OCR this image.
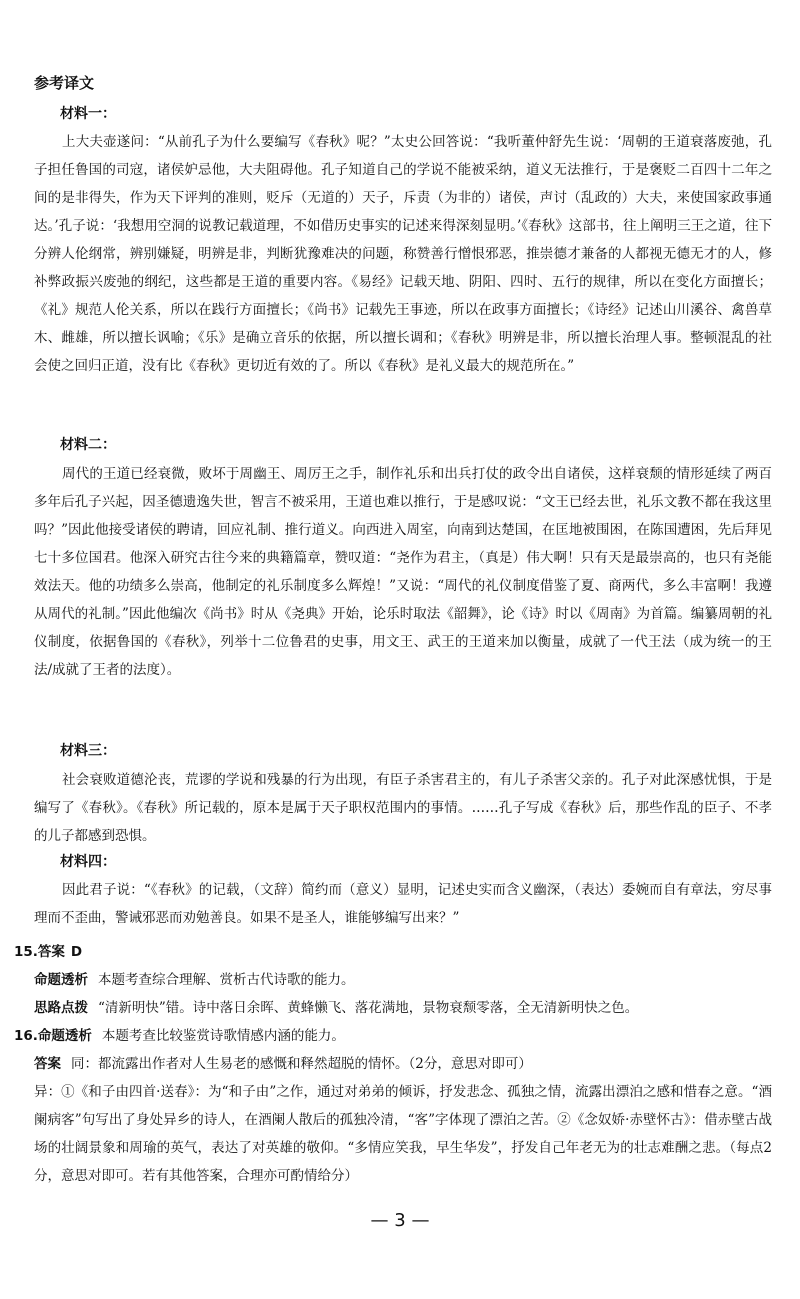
参考译文
材料一：
上大夫壶遂问：“从前孔子为什么要编写《春秋》呢？”太史公回答说：“我听董仲舒先生说：‘周朝的王道衰落废弛，孔子担任鲁国的司寇，诸侯妒忌他，大夫阻碍他。孔子知道自己的学说不能被采纳，道义无法推行，于是褒贬二百四十二年之间的是非得失，作为天下评判的准则，贬斥（无道的）天子，斥责（为非的）诸侯，声讨（乱政的）大夫，来使国家政事通达。’孔子说：‘我想用空洞的说教记载道理，不如借历史事实的记述来得深刻显明。’《春秋》这部书，往上阐明三王之道，往下分辨人伦纲常，辨别嫌疑，明辨是非，判断犹豫难决的问题，称赞善行憎恨邪恶，推崇德才兼备的人都视无德无才的人，修补弊政振兴废弛的纲纪，这些都是王道的重要内容。《易经》记载天地、阴阳、四时、五行的规律，所以在变化方面擅长；《礼》规范人伦关系，所以在践行方面擅长；《尚书》记载先王事迹，所以在政事方面擅长；《诗经》记述山川溪谷、禽兽草木、雌雄，所以擅长讽喻；《乐》是确立音乐的依据，所以擅长调和；《春秋》明辨是非，所以擅长治理人事。整顿混乱的社会使之回归正道，没有比《春秋》更切近有效的了。所以《春秋》是礼义最大的规范所在。”
材料二：
周代的王道已经衰微，败坏于周幽王、周厉王之手，制作礼乐和出兵打仗的政令出自诸侯，这样衰颓的情形延续了两百多年后孔子兴起，因圣德遗逸失世，智言不被采用，王道也难以推行，于是感叹说：“文王已经去世，礼乐文教不都在我这里吗？”因此他接受诸侯的聘请，回应礼制、推行道义。向西进入周室，向南到达楚国，在匡地被围困，在陈国遭困，先后拜见七十多位国君。他深入研究古往今来的典籍篇章，赞叹道：“尧作为君主，（真是）伟大啊！只有天是最崇高的，也只有尧能效法天。他的功绩多么崇高，他制定的礼乐制度多么辉煌！”又说：“周代的礼仪制度借鉴了夏、商两代，多么丰富啊！我遵从周代的礼制。”因此他编次《尚书》时从《尧典》开始，论乐时取法《韶舞》，论《诗》时以《周南》为首篇。编纂周朝的礼仪制度，依据鲁国的《春秋》，列举十二位鲁君的史事，用文王、武王的王道来加以衡量，成就了一代王法（成为统一的王法/成就了王者的法度）。
材料三：
社会衰败道德沦丧，荒谬的学说和残暴的行为出现，有臣子杀害君主的，有儿子杀害父亲的。孔子对此深感忧惧，于是编写了《春秋》。《春秋》所记载的，原本是属于天子职权范围内的事情。……孔子写成《春秋》后，那些作乱的臣子、不孝的儿子都感到恐惧。
材料四：
因此君子说：“《春秋》的记载，（文辞）简约而（意义）显明，记述史实而含义幽深，（表达）委婉而自有章法，穷尽事理而不歪曲，警诫邪恶而劝勉善良。如果不是圣人，谁能够编写出来？”
15.答案 D
命题透析 本题考查综合理解、赏析古代诗歌的能力。
思路点拨 “清新明快”错。诗中落日余晖、黄蜂懒飞、落花满地，景物衰颓零落，全无清新明快之色。
16.命题透析 本题考查比较鉴赏诗歌情感内涵的能力。
答案 同：都流露出作者对人生易老的感慨和释然超脱的情怀。（2分，意思对即可）
异：①《和子由四首·送春》：为“和子由”之作，通过对弟弟的倾诉，抒发悲念、孤独之情，流露出漂泊之感和惜春之意。“酒阑病客”句写出了身处异乡的诗人，在酒阑人散后的孤独冷清，“客”字体现了漂泊之苦。②《念奴娇·赤壁怀古》：借赤壁古战场的壮阔景象和周瑜的英气，表达了对英雄的敬仰。“多情应笑我，早生华发”，抒发自己年老无为的壮志难酬之悲。（每点2分，意思对即可。若有其他答案，合理亦可酌情给分）
— 3 —
